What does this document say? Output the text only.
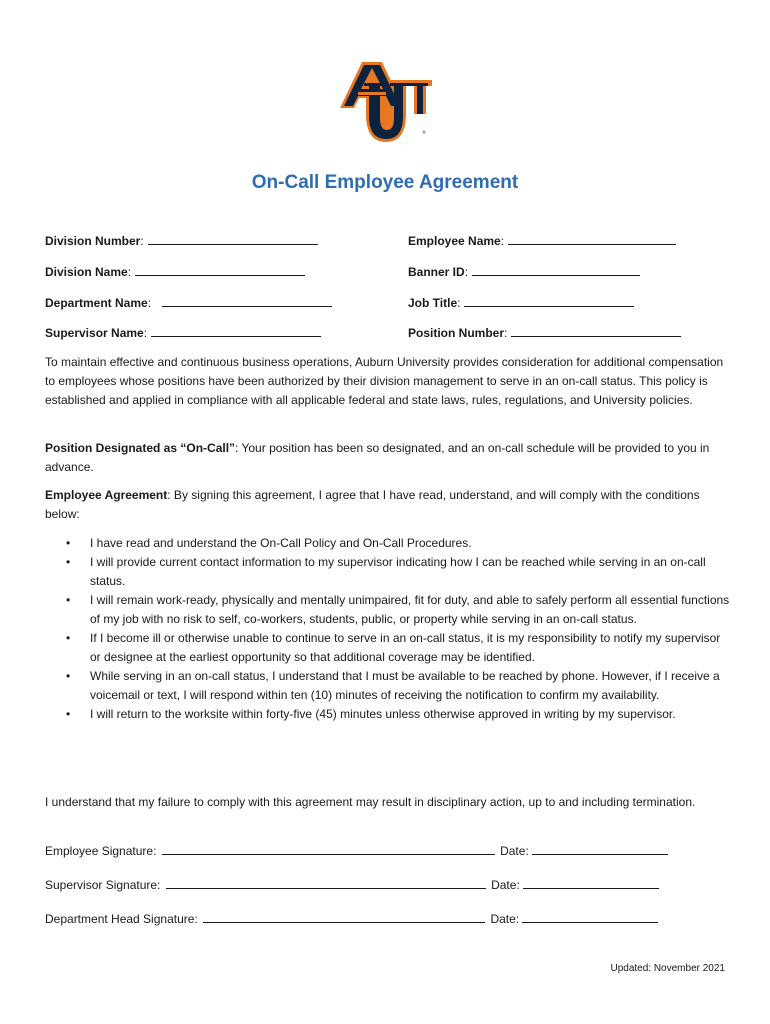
®
On-Call Employee Agreement
Division Number:	Employee Name:
Division Name:	Banner ID:
Department Name:	Job Title:
Supervisor Name:	Position Number:

To maintain effective and continuous business operations, Auburn University provides consideration for additional compensation to employees whose positions have been authorized by their division management to serve in an on-call status. This policy is established and applied in compliance with all applicable federal and state laws, rules, regulations, and University policies.

Position Designated as “On-Call”: Your position has been so designated, and an on-call schedule will be provided to you in advance.

Employee Agreement: By signing this agreement, I agree that I have read, understand, and will comply with the conditions below:

• I have read and understand the On-Call Policy and On-Call Procedures.
• I will provide current contact information to my supervisor indicating how I can be reached while serving in an on-call status.
• I will remain work-ready, physically and mentally unimpaired, fit for duty, and able to safely perform all essential functions of my job with no risk to self, co-workers, students, public, or property while serving in an on-call status.
• If I become ill or otherwise unable to continue to serve in an on-call status, it is my responsibility to notify my supervisor or designee at the earliest opportunity so that additional coverage may be identified.
• While serving in an on-call status, I understand that I must be available to be reached by phone. However, if I receive a voicemail or text, I will respond within ten (10) minutes of receiving the notification to confirm my availability.
• I will return to the worksite within forty-five (45) minutes unless otherwise approved in writing by my supervisor.

I understand that my failure to comply with this agreement may result in disciplinary action, up to and including termination.

Employee Signature:	Date:
Supervisor Signature:	Date:
Department Head Signature:	Date:
Updated: November 2021
